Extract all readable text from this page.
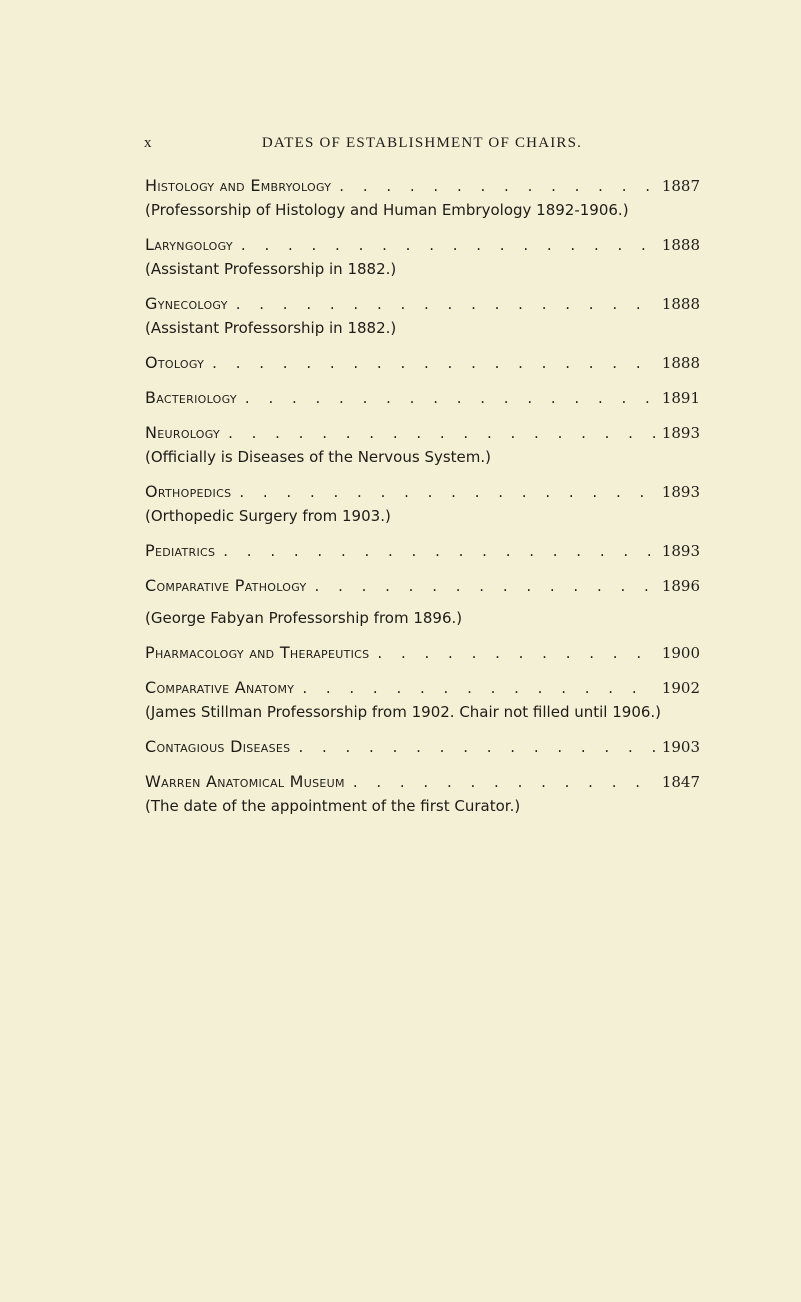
x	DATES OF ESTABLISHMENT OF CHAIRS.
Histology and Embryology . . .	1887
(Professorship of Histology and Human Embryology 1892-1906.)
Laryngology . . .	1888
(Assistant Professorship in 1882.)
Gynecology . . .	1888
(Assistant Professorship in 1882.)
Otology . . .	1888
Bacteriology . . .	1891
Neurology . . .	1893
(Officially is Diseases of the Nervous System.)
Orthopedics . . .	1893
(Orthopedic Surgery from 1903.)
Pediatrics . . .	1893
Comparative Pathology . . .	1896
(George Fabyan Professorship from 1896.)
Pharmacology and Therapeutics . . .	1900
Comparative Anatomy . . .	1902
(James Stillman Professorship from 1902. Chair not filled until 1906.)
Contagious Diseases . . .	1903
Warren Anatomical Museum . . .	1847
(The date of the appointment of the first Curator.)
